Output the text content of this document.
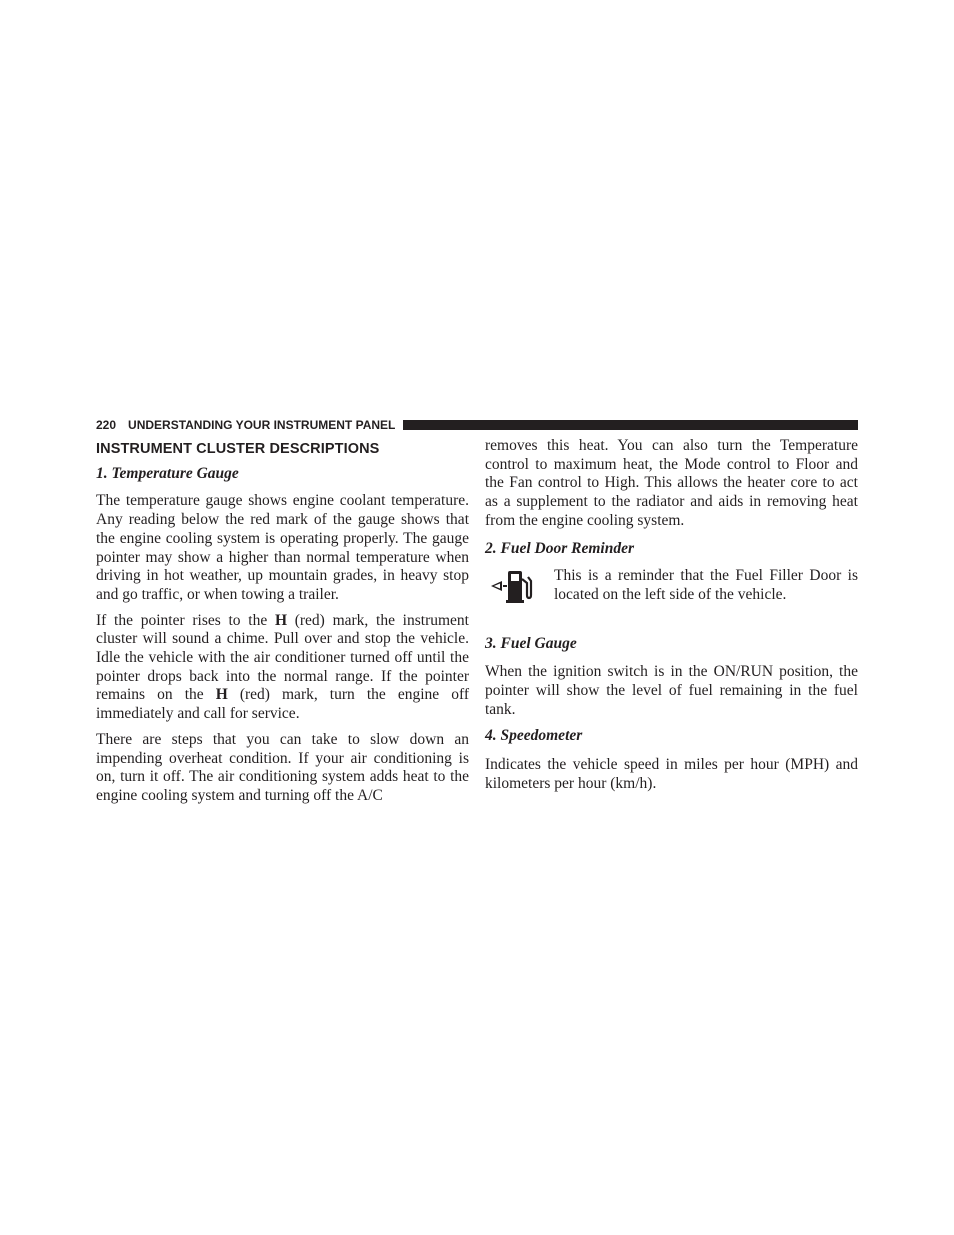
220 UNDERSTANDING YOUR INSTRUMENT PANEL
INSTRUMENT CLUSTER DESCRIPTIONS
1. Temperature Gauge

The temperature gauge shows engine coolant temperature. Any reading below the red mark of the gauge shows that the engine cooling system is operating properly. The gauge pointer may show a higher than normal temperature when driving in hot weather, up mountain grades, in heavy stop and go traffic, or when towing a trailer.

If the pointer rises to the H (red) mark, the instrument cluster will sound a chime. Pull over and stop the vehicle. Idle the vehicle with the air conditioner turned off until the pointer drops back into the normal range. If the pointer remains on the H (red) mark, turn the engine off immediately and call for service.

There are steps that you can take to slow down an impending overheat condition. If your air conditioning is on, turn it off. The air conditioning system adds heat to the engine cooling system and turning off the A/C

removes this heat. You can also turn the Temperature control to maximum heat, the Mode control to Floor and the Fan control to High. This allows the heater core to act as a supplement to the radiator and aids in removing heat from the engine cooling system.

2. Fuel Door Reminder

This is a reminder that the Fuel Filler Door is located on the left side of the vehicle.

3. Fuel Gauge

When the ignition switch is in the ON/RUN position, the pointer will show the level of fuel remaining in the fuel tank.

4. Speedometer

Indicates the vehicle speed in miles per hour (MPH) and kilometers per hour (km/h).
